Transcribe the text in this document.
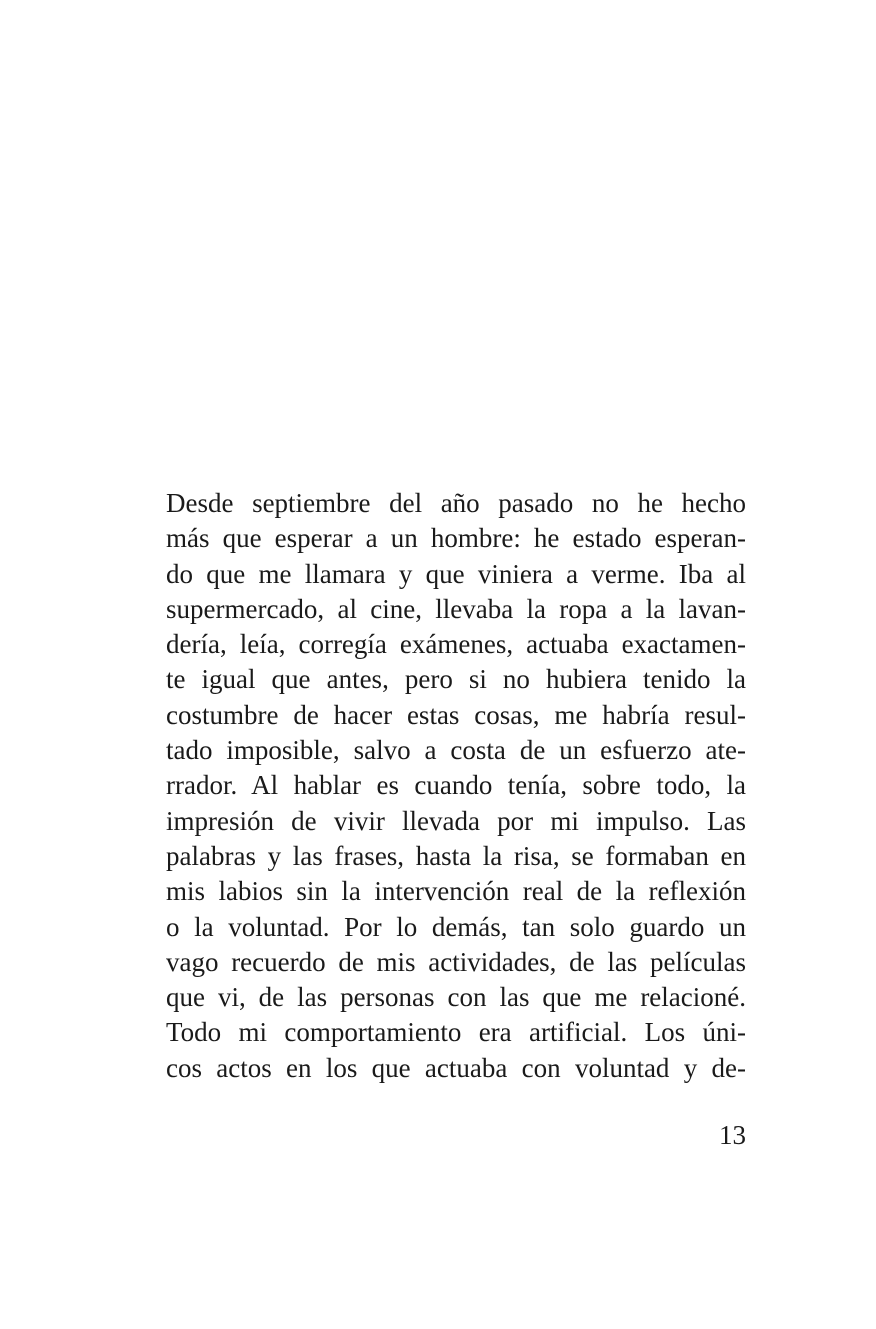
Desde septiembre del año pasado no he hecho
más que esperar a un hombre: he estado esperan-
do que me llamara y que viniera a verme. Iba al
supermercado, al cine, llevaba la ropa a la lavan-
dería, leía, corregía exámenes, actuaba exactamen-
te igual que antes, pero si no hubiera tenido la
costumbre de hacer estas cosas, me habría resul-
tado imposible, salvo a costa de un esfuerzo ate-
rrador. Al hablar es cuando tenía, sobre todo, la
impresión de vivir llevada por mi impulso. Las
palabras y las frases, hasta la risa, se formaban en
mis labios sin la intervención real de la reflexión
o la voluntad. Por lo demás, tan solo guardo un
vago recuerdo de mis actividades, de las películas
que vi, de las personas con las que me relacioné.
Todo mi comportamiento era artificial. Los úni-
cos actos en los que actuaba con voluntad y de-
13
